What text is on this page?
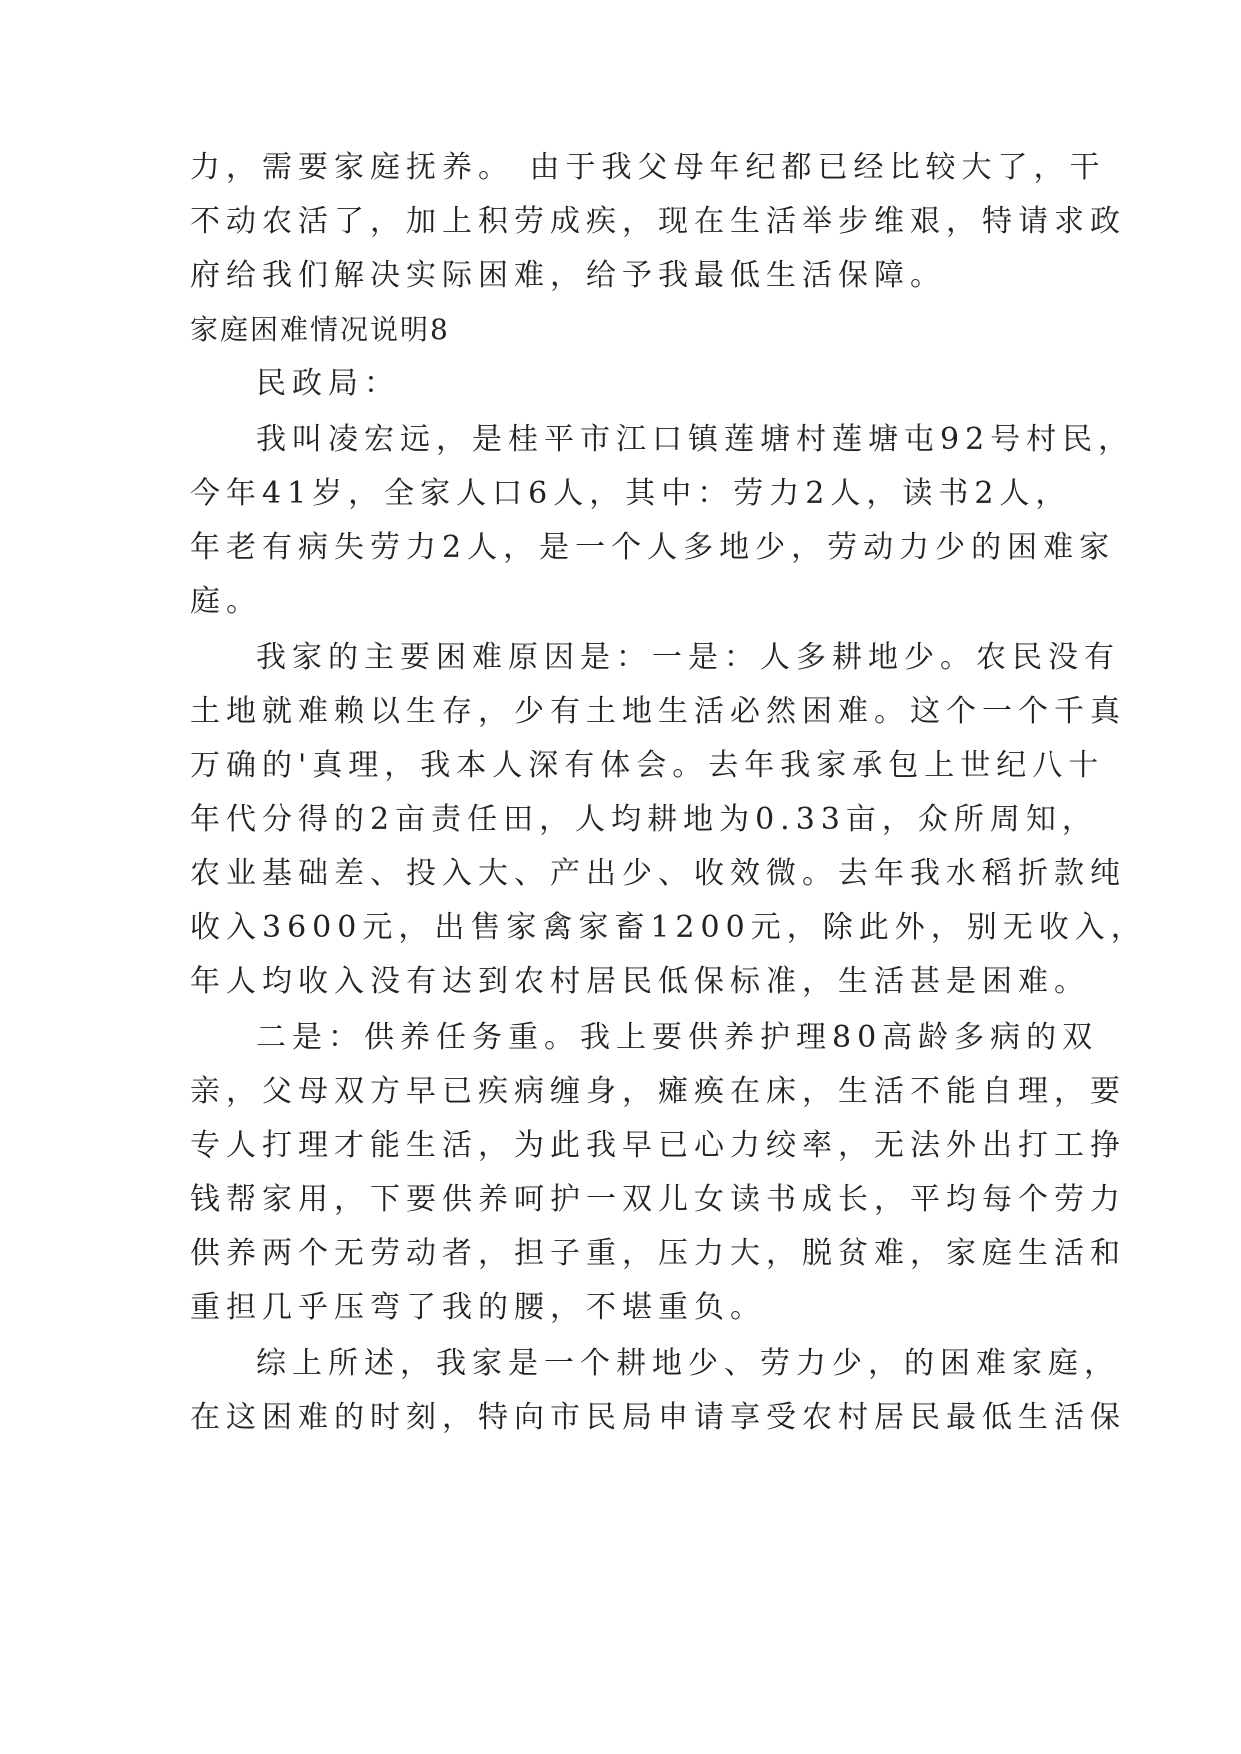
力，需要家庭抚养。 由于我父母年纪都已经比较大了，干
不动农活了，加上积劳成疾，现在生活举步维艰，特请求政
府给我们解决实际困难，给予我最低生活保障。
家庭困难情况说明8
民政局：
我叫凌宏远，是桂平市江口镇莲塘村莲塘屯92号村民，
今年41岁，全家人口6人，其中：劳力2人，读书2人，
年老有病失劳力2人，是一个人多地少，劳动力少的困难家
庭。
我家的主要困难原因是：一是：人多耕地少。农民没有
土地就难赖以生存，少有土地生活必然困难。这个一个千真
万确的'真理，我本人深有体会。去年我家承包上世纪八十
年代分得的2亩责任田，人均耕地为0.33亩，众所周知，
农业基础差、投入大、产出少、收效微。去年我水稻折款纯
收入3600元，出售家禽家畜1200元，除此外，别无收入，
年人均收入没有达到农村居民低保标准，生活甚是困难。
二是：供养任务重。我上要供养护理80高龄多病的双
亲，父母双方早已疾病缠身，瘫痪在床，生活不能自理，要
专人打理才能生活，为此我早已心力绞率，无法外出打工挣
钱帮家用，下要供养呵护一双儿女读书成长，平均每个劳力
供养两个无劳动者，担子重，压力大，脱贫难，家庭生活和
重担几乎压弯了我的腰，不堪重负。
综上所述，我家是一个耕地少、劳力少，的困难家庭，
在这困难的时刻，特向市民局申请享受农村居民最低生活保
